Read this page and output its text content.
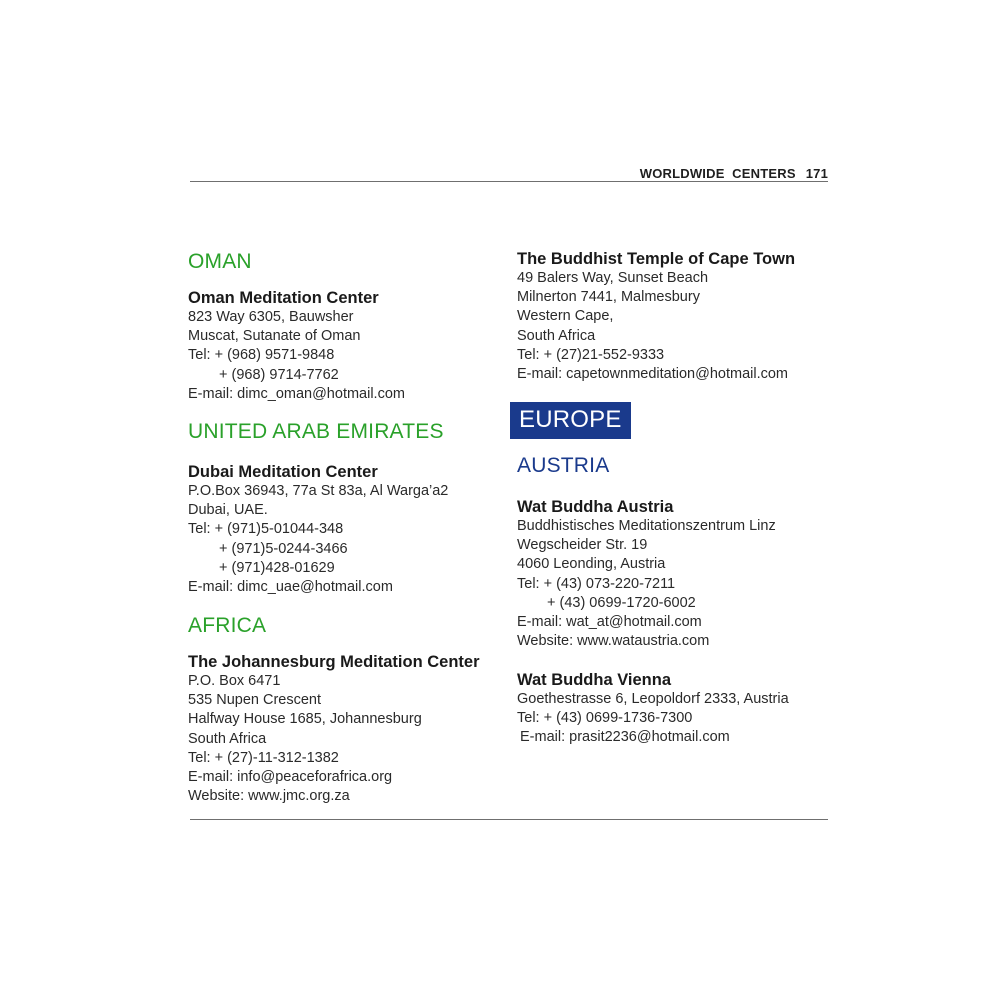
WORLDWIDE  CENTERS 171
OMAN
Oman Meditation Center
823 Way 6305, Bauwsher
Muscat, Sutanate of Oman
Tel: + (968) 9571-9848
+ (968) 9714-7762
E-mail: dimc_oman@hotmail.com
UNITED ARAB EMIRATES
Dubai Meditation Center
P.O.Box 36943, 77a St 83a, Al Warga’a2
Dubai, UAE.
Tel: + (971)5-01044-348
+ (971)5-0244-3466
+ (971)428-01629
E-mail: dimc_uae@hotmail.com
AFRICA
The Johannesburg Meditation Center
P.O. Box 6471
535 Nupen Crescent
Halfway House 1685, Johannesburg
South Africa
Tel: + (27)-11-312-1382
E-mail: info@peaceforafrica.org
Website: www.jmc.org.za
The Buddhist Temple of Cape Town
49 Balers Way, Sunset Beach
Milnerton 7441, Malmesbury
Western Cape,
South Africa
Tel: + (27)21-552-9333
E-mail: capetownmeditation@hotmail.com
EUROPE
AUSTRIA
Wat Buddha Austria
Buddhistisches Meditationszentrum Linz
Wegscheider Str. 19
4060 Leonding, Austria
Tel: + (43) 073-220-7211
+ (43) 0699-1720-6002
E-mail: wat_at@hotmail.com
Website: www.wataustria.com
Wat Buddha Vienna
Goethestrasse 6, Leopoldorf 2333, Austria
Tel: + (43) 0699-1736-7300
E-mail: prasit2236@hotmail.com
